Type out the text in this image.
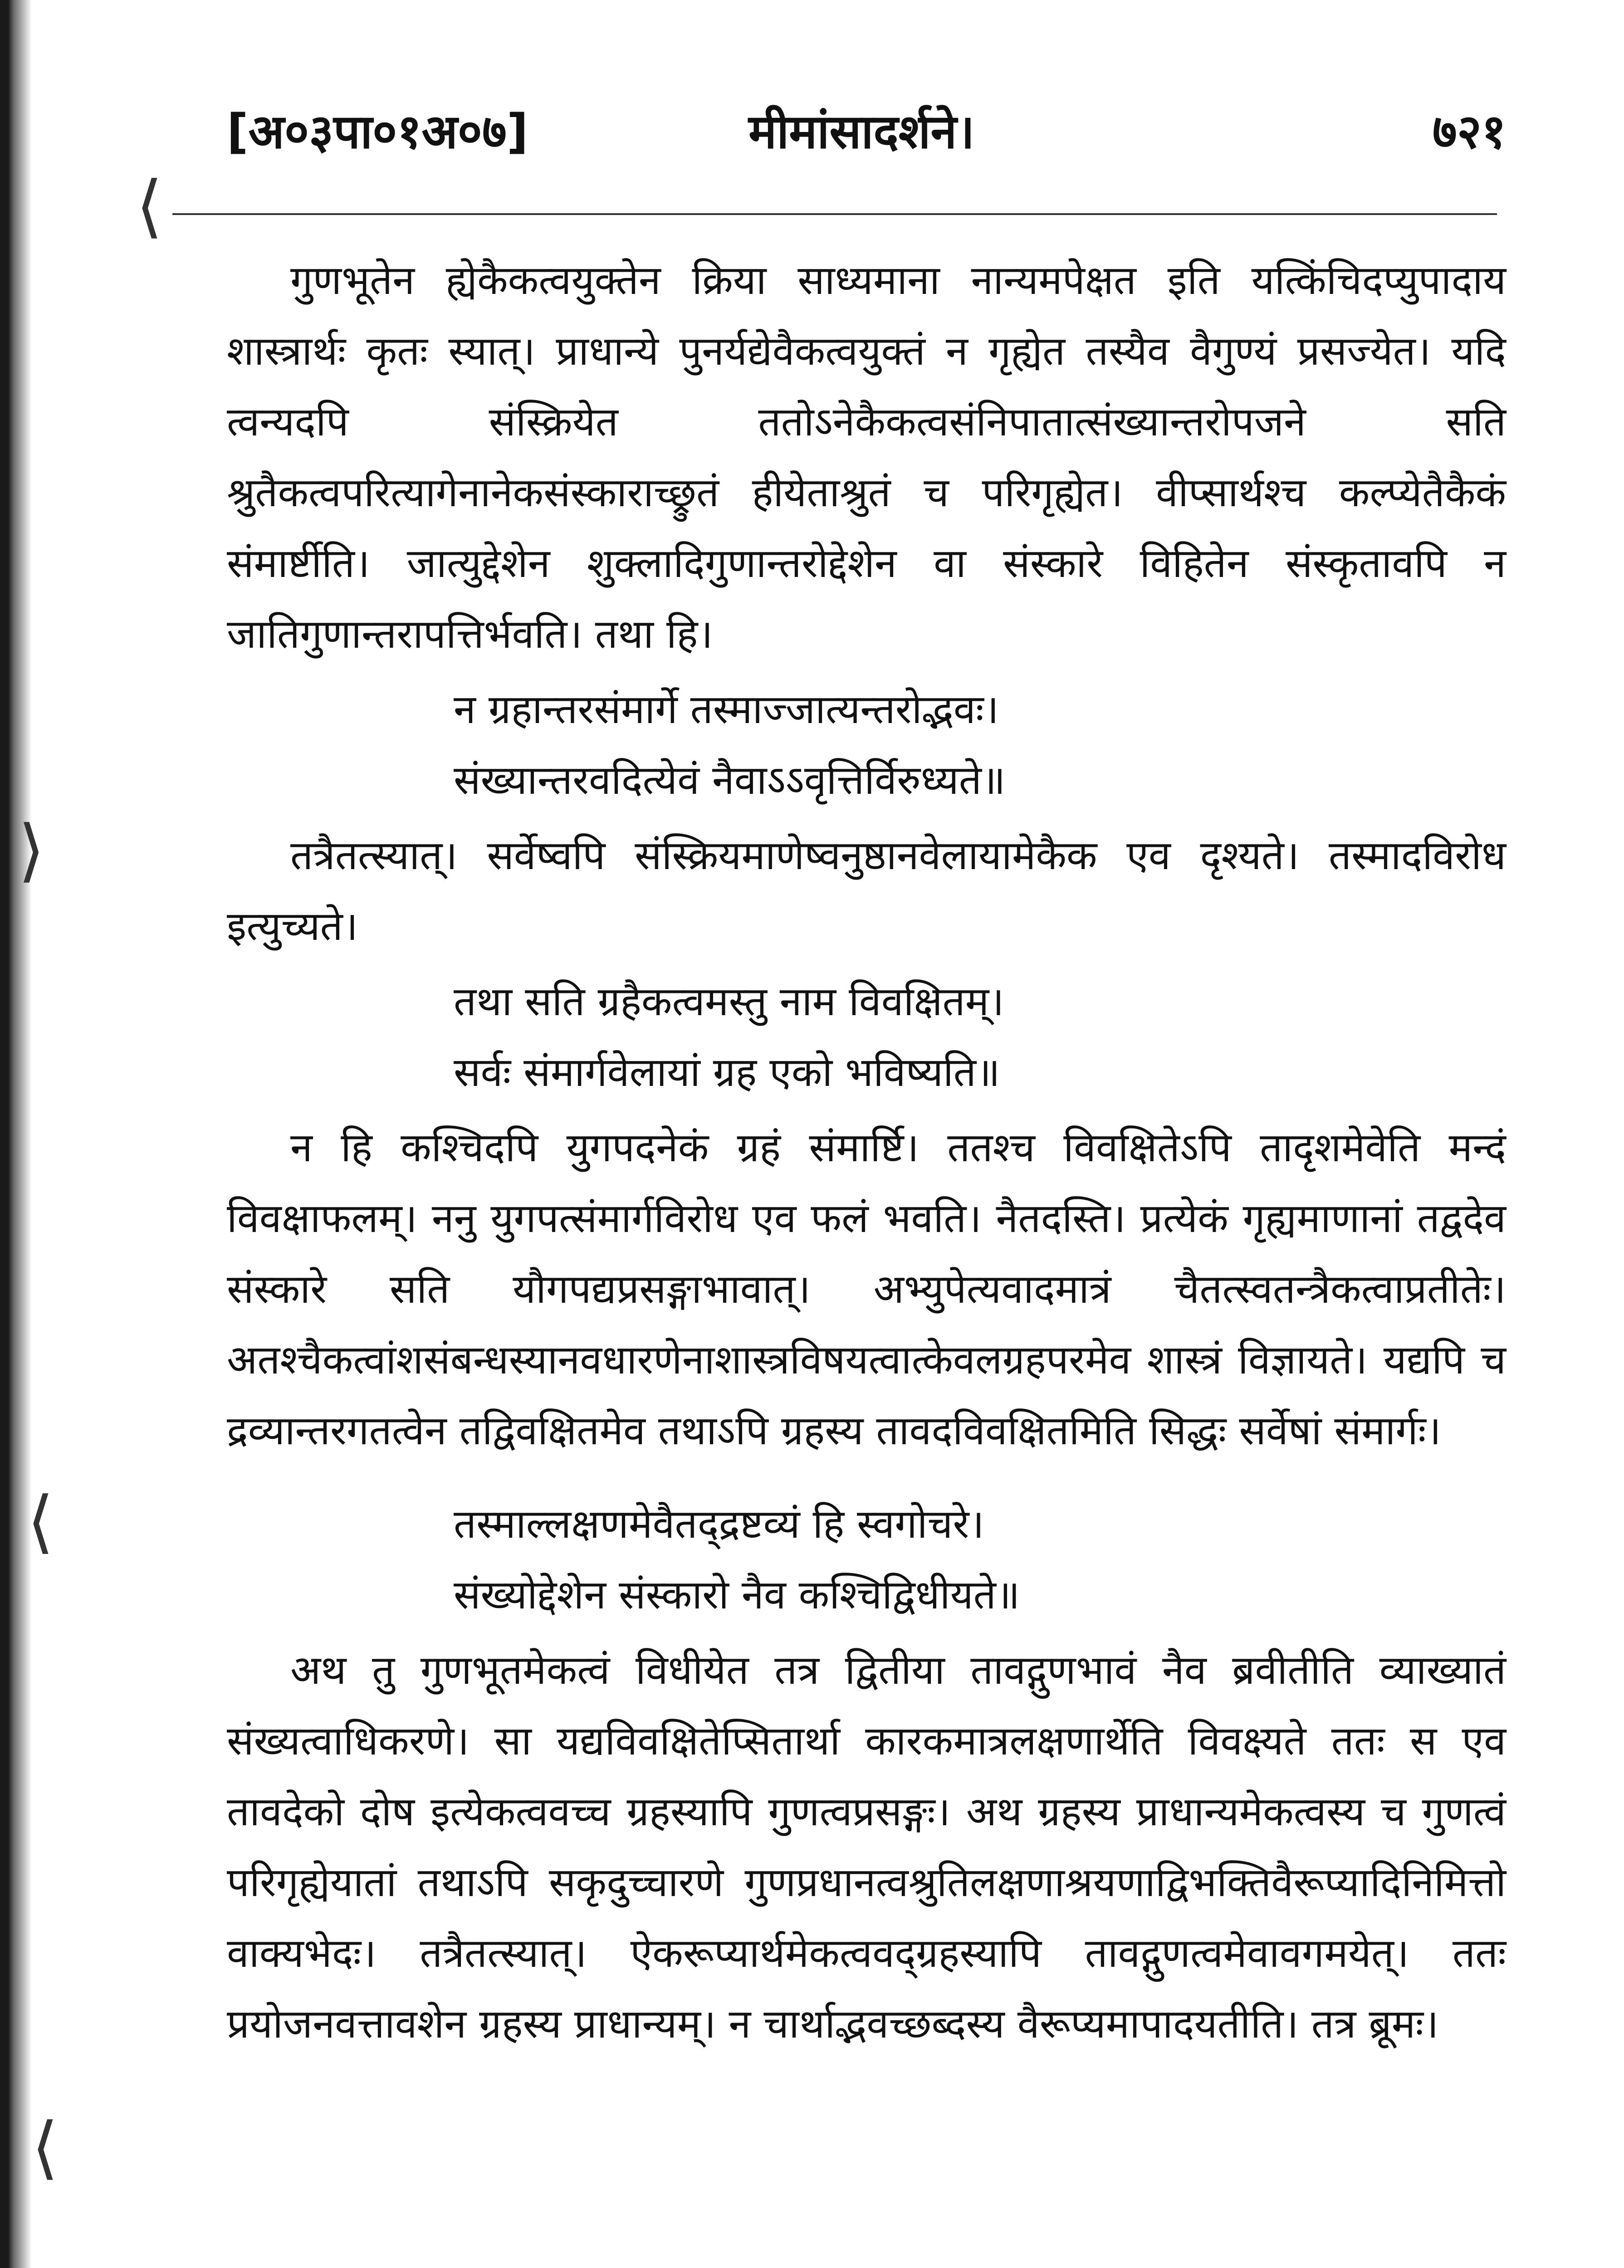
⟨
⟩
⟨
⟨
[अ०३पा०१अ०७]	मीमांसादर्शने।	७२१

गुणभूतेन ह्येकैकत्वयुक्तेन क्रिया साध्यमाना नान्यमपेक्षत इति यत्किंचिदप्युपादाय शास्त्रार्थः कृतः स्यात्। प्राधान्ये पुनर्यद्येवैकत्वयुक्तं न गृह्येत तस्यैव वैगुण्यं प्रसज्येत। यदि त्वन्यदपि संस्क्रियेत ततोऽनेकैकत्वसंनिपातात्संख्यान्तरोपजने सति श्रुतैकत्वपरित्यागेनानेकसंस्काराच्छ्रुतं हीयेताश्रुतं च परिगृह्येत। वीप्सार्थश्च कल्प्येतैकैकं संमार्ष्टीति। जात्युद्देशेन शुक्लादिगुणान्तरोद्देशेन वा संस्कारे विहितेन संस्कृतावपि न जातिगुणान्तरापत्तिर्भवति। तथा हि।

न ग्रहान्तरसंमार्गे तस्माज्जात्यन्तरोद्भवः।
संख्यान्तरवदित्येवं नैवाऽऽवृत्तिर्विरुध्यते॥

तत्रैतत्स्यात्। सर्वेष्वपि संस्क्रियमाणेष्वनुष्ठानवेलायामेकैक एव दृश्यते। तस्मादविरोध इत्युच्यते।

तथा सति ग्रहैकत्वमस्तु नाम विवक्षितम्।
सर्वः संमार्गवेलायां ग्रह एको भविष्यति॥

न हि कश्चिदपि युगपदनेकं ग्रहं संमार्ष्टि। ततश्च विवक्षितेऽपि तादृशमेवेति मन्दं विवक्षाफलम्। ननु युगपत्संमार्गविरोध एव फलं भवति। नैतदस्ति। प्रत्येकं गृह्यमाणानां तद्वदेव संस्कारे सति यौगपद्यप्रसङ्गाभावात्। अभ्युपेत्यवादमात्रं चैतत्स्वतन्त्रैकत्वाप्रतीतेः। अतश्चैकत्वांशसंबन्धस्यानवधारणेनाशास्त्रविषयत्वात्केवलग्रहपरमेव शास्त्रं विज्ञायते। यद्यपि च द्रव्यान्तरगतत्वेन तद्विवक्षितमेव तथाऽपि ग्रहस्य तावदविवक्षितमिति सिद्धः सर्वेषां संमार्गः।

तस्माल्लक्षणमेवैतद्द्रष्टव्यं हि स्वगोचरे।
संख्योद्देशेन संस्कारो नैव कश्चिद्विधीयते॥

अथ तु गुणभूतमेकत्वं विधीयेत तत्र द्वितीया तावद्गुणभावं नैव ब्रवीतीति व्याख्यातं संख्यत्वाधिकरणे। सा यद्यविवक्षितेप्सितार्था कारकमात्रलक्षणार्थेति विवक्ष्यते ततः स एव तावदेको दोष इत्येकत्ववच्च ग्रहस्यापि गुणत्वप्रसङ्गः। अथ ग्रहस्य प्राधान्यमेकत्वस्य च गुणत्वं परिगृह्येयातां तथाऽपि सकृदुच्चारणे गुणप्रधानत्वश्रुतिलक्षणाश्रयणाद्विभक्तिवैरूप्यादिनिमित्तो वाक्यभेदः। तत्रैतत्स्यात्। ऐकरूप्यार्थमेकत्ववद्ग्रहस्यापि तावद्गुणत्वमेवावगमयेत्। ततः प्रयोजनवत्तावशेन ग्रहस्य प्राधान्यम्। न चार्थाद्भवच्छब्दस्य वैरूप्यमापादयतीति। तत्र ब्रूमः।
